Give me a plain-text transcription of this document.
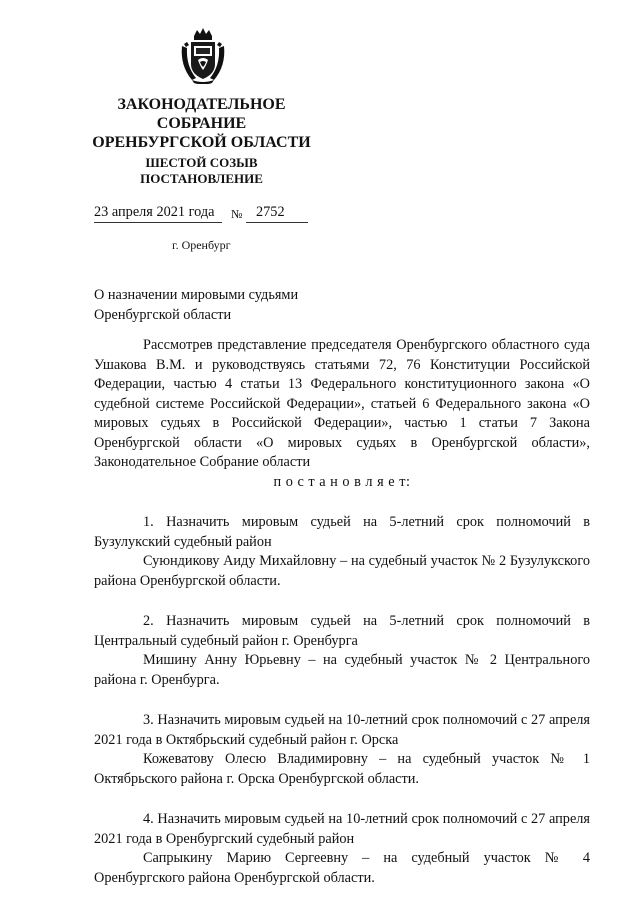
ЗАКОНОДАТЕЛЬНОЕ
СОБРАНИЕ
ОРЕНБУРГСКОЙ ОБЛАСТИ
ШЕСТОЙ СОЗЫВ
ПОСТАНОВЛЕНИЕ
23 апреля 2021 года № 2752
г. Оренбург
О назначении мировыми судьями
Оренбургской области

Рассмотрев представление председателя Оренбургского областного суда Ушакова В.М. и руководствуясь статьями 72, 76 Конституции Российской Федерации, частью 4 статьи 13 Федерального конституционного закона «О судебной системе Российской Федерации», статьей 6 Федерального закона «О мировых судьях в Российской Федерации», частью 1 статьи 7 Закона Оренбургской области «О мировых судьях в Оренбургской области», Законодательное Собрание области

п о с т а н о в л я е т:

1. Назначить мировым судьей на 5-летний срок полномочий в Бузулукский судебный район

Суюндикову Аиду Михайловну – на судебный участок № 2 Бузулукского района Оренбургской области.

2. Назначить мировым судьей на 5-летний срок полномочий в Центральный судебный район г. Оренбурга

Мишину Анну Юрьевну – на судебный участок № 2 Центрального района г. Оренбурга.

3. Назначить мировым судьей на 10-летний срок полномочий с 27 апреля 2021 года в Октябрьский судебный район г. Орска

Кожеватову Олесю Владимировну – на судебный участок № 1 Октябрьского района г. Орска Оренбургской области.

4. Назначить мировым судьей на 10-летний срок полномочий с 27 апреля 2021 года в Оренбургский судебный район

Сапрыкину Марию Сергеевну – на судебный участок № 4 Оренбургского района Оренбургской области.
